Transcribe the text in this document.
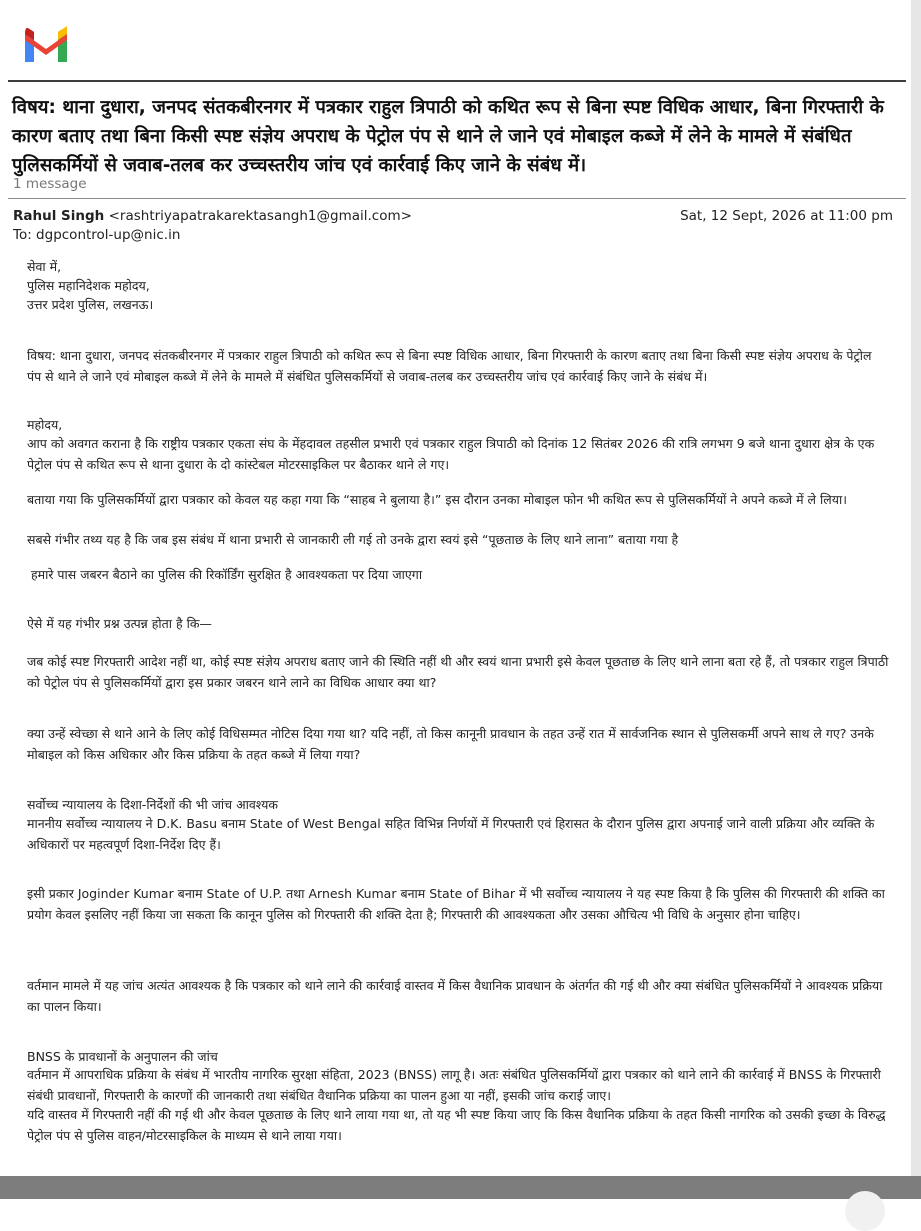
विषय: थाना दुधारा, जनपद संतकबीरनगर में पत्रकार राहुल त्रिपाठी को कथित रूप से बिना स्पष्ट विधिक आधार, बिना गिरफ्तारी के कारण बताए तथा बिना किसी स्पष्ट संज्ञेय अपराध के पेट्रोल पंप से थाने ले जाने एवं मोबाइल कब्जे में लेने के मामले में संबंधित पुलिसकर्मियों से जवाब-तलब कर उच्चस्तरीय जांच एवं कार्रवाई किए जाने के संबंध में।
1 message
Rahul Singh <rashtriyapatrakarektasangh1@gmail.com>	Sat, 12 Sept, 2026 at 11:00 pm
To: dgpcontrol-up@nic.in
सेवा में,
पुलिस महानिदेशक महोदय,
उत्तर प्रदेश पुलिस, लखनऊ।
विषय: थाना दुधारा, जनपद संतकबीरनगर में पत्रकार राहुल त्रिपाठी को कथित रूप से बिना स्पष्ट विधिक आधार, बिना गिरफ्तारी के कारण बताए तथा बिना किसी स्पष्ट संज्ञेय अपराध के पेट्रोल पंप से थाने ले जाने एवं मोबाइल कब्जे में लेने के मामले में संबंधित पुलिसकर्मियों से जवाब-तलब कर उच्चस्तरीय जांच एवं कार्रवाई किए जाने के संबंध में।
महोदय,
आप को अवगत कराना है कि राष्ट्रीय पत्रकार एकता संघ के मेंहदावल तहसील प्रभारी एवं पत्रकार राहुल त्रिपाठी को दिनांक 12 सितंबर 2026 की रात्रि लगभग 9 बजे थाना दुधारा क्षेत्र के एक पेट्रोल पंप से कथित रूप से थाना दुधारा के दो कांस्टेबल मोटरसाइकिल पर बैठाकर थाने ले गए।
बताया गया कि पुलिसकर्मियों द्वारा पत्रकार को केवल यह कहा गया कि “साहब ने बुलाया है।” इस दौरान उनका मोबाइल फोन भी कथित रूप से पुलिसकर्मियों ने अपने कब्जे में ले लिया।
सबसे गंभीर तथ्य यह है कि जब इस संबंध में थाना प्रभारी से जानकारी ली गई तो उनके द्वारा स्वयं इसे “पूछताछ के लिए थाने लाना” बताया गया है
हमारे पास जबरन बैठाने का पुलिस की रिकॉर्डिंग सुरक्षित है आवश्यकता पर दिया जाएगा
ऐसे में यह गंभीर प्रश्न उत्पन्न होता है कि—
जब कोई स्पष्ट गिरफ्तारी आदेश नहीं था, कोई स्पष्ट संज्ञेय अपराध बताए जाने की स्थिति नहीं थी और स्वयं थाना प्रभारी इसे केवल पूछताछ के लिए थाने लाना बता रहे हैं, तो पत्रकार राहुल त्रिपाठी को पेट्रोल पंप से पुलिसकर्मियों द्वारा इस प्रकार जबरन थाने लाने का विधिक आधार क्या था?
क्या उन्हें स्वेच्छा से थाने आने के लिए कोई विधिसम्मत नोटिस दिया गया था? यदि नहीं, तो किस कानूनी प्रावधान के तहत उन्हें रात में सार्वजनिक स्थान से पुलिसकर्मी अपने साथ ले गए? उनके मोबाइल को किस अधिकार और किस प्रक्रिया के तहत कब्जे में लिया गया?
सर्वोच्च न्यायालय के दिशा-निर्देशों की भी जांच आवश्यक
माननीय सर्वोच्च न्यायालय ने D.K. Basu बनाम State of West Bengal सहित विभिन्न निर्णयों में गिरफ्तारी एवं हिरासत के दौरान पुलिस द्वारा अपनाई जाने वाली प्रक्रिया और व्यक्ति के अधिकारों पर महत्वपूर्ण दिशा-निर्देश दिए हैं।
इसी प्रकार Joginder Kumar बनाम State of U.P. तथा Arnesh Kumar बनाम State of Bihar में भी सर्वोच्च न्यायालय ने यह स्पष्ट किया है कि पुलिस की गिरफ्तारी की शक्ति का प्रयोग केवल इसलिए नहीं किया जा सकता कि कानून पुलिस को गिरफ्तारी की शक्ति देता है; गिरफ्तारी की आवश्यकता और उसका औचित्य भी विधि के अनुसार होना चाहिए।
वर्तमान मामले में यह जांच अत्यंत आवश्यक है कि पत्रकार को थाने लाने की कार्रवाई वास्तव में किस वैधानिक प्रावधान के अंतर्गत की गई थी और क्या संबंधित पुलिसकर्मियों ने आवश्यक प्रक्रिया का पालन किया।
BNSS के प्रावधानों के अनुपालन की जांच
वर्तमान में आपराधिक प्रक्रिया के संबंध में भारतीय नागरिक सुरक्षा संहिता, 2023 (BNSS) लागू है। अतः संबंधित पुलिसकर्मियों द्वारा पत्रकार को थाने लाने की कार्रवाई में BNSS के गिरफ्तारी संबंधी प्रावधानों, गिरफ्तारी के कारणों की जानकारी तथा संबंधित वैधानिक प्रक्रिया का पालन हुआ या नहीं, इसकी जांच कराई जाए।
यदि वास्तव में गिरफ्तारी नहीं की गई थी और केवल पूछताछ के लिए थाने लाया गया था, तो यह भी स्पष्ट किया जाए कि किस वैधानिक प्रक्रिया के तहत किसी नागरिक को उसकी इच्छा के विरुद्ध पेट्रोल पंप से पुलिस वाहन/मोटरसाइकिल के माध्यम से थाने लाया गया।
